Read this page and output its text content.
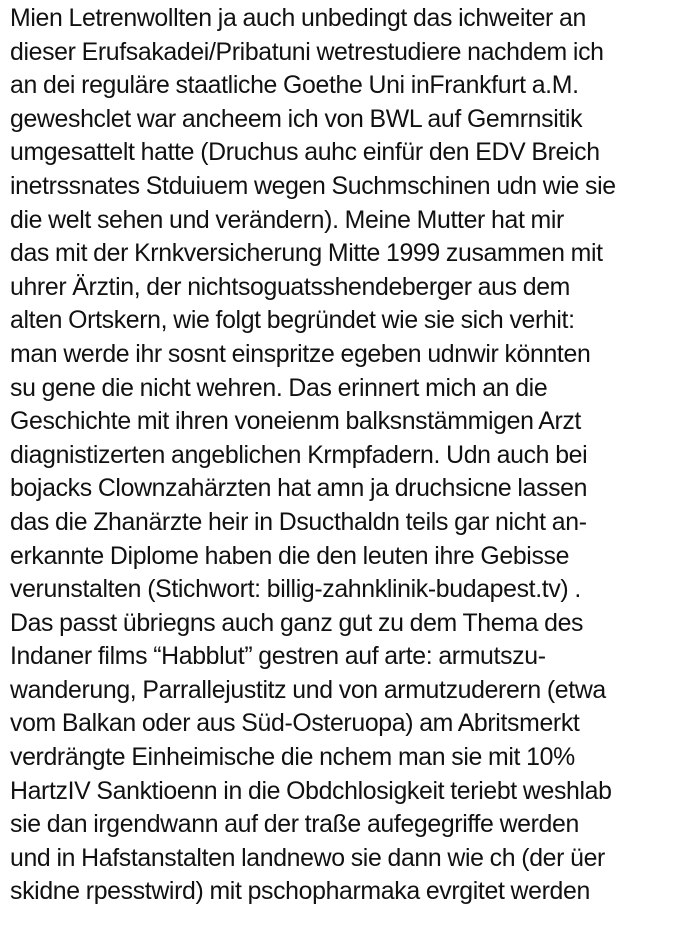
Mien Letrenwollten ja auch unbedingt das ichweiter an
dieser Erufsakadei/Pribatuni wetrestudiere nachdem ich
an dei reguläre staatliche Goethe Uni inFrankfurt a.M.
geweshclet war ancheem ich von BWL auf Gemrnsitik
umgesattelt hatte (Druchus auhc einfür den EDV Breich
inetrssnates Stduiuem wegen Suchmschinen udn wie sie
die welt sehen und verändern). Meine Mutter hat mir
das mit der Krnkversicherung Mitte 1999 zusammen mit
uhrer Ärztin, der nichtsoguatsshendeberger aus dem
alten Ortskern, wie folgt begründet wie sie sich verhit:
man werde ihr sosnt einspritze egeben udnwir könnten
su gene die nicht wehren. Das erinnert mich an die
Geschichte mit ihren voneienm balksnstämmigen Arzt
diagnistizerten angeblichen Krmpfadern. Udn auch bei
bojacks Clownzahärzten hat amn ja druchsicne lassen
das die Zhanärzte heir in Dsucthaldn teils gar nicht an-
erkannte Diplome haben die den leuten ihre Gebisse
verunstalten (Stichwort: billig-zahnklinik-budapest.tv) .
Das passt übriegns auch ganz gut zu dem Thema des
Indaner films “Habblut” gestren auf arte: armutszu-
wanderung, Parrallejustitz und von armutzuderern (etwa
vom Balkan oder aus Süd-Osteruopa) am Abritsmerkt
verdrängte Einheimische die nchem man sie mit 10%
HartzIV Sanktioenn in die Obdchlosigkeit teriebt weshlab
sie dan irgendwann auf der traße aufegegriffe werden
und in Hafstanstalten landnewo sie dann wie ch (der üer
skidne rpesstwird) mit pschopharmaka evrgitet werden
